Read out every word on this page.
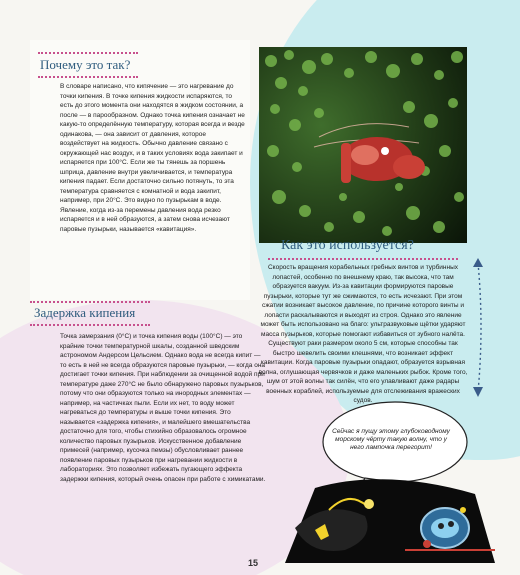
Почему это так?

В словаре написано, что кипячение — это нагревание до точки кипения. В точке кипения жидкости испаряются, то есть до этого момента они находятся в жидком состоянии, а после — в парообразном. Однако точка кипения означает не какую-то определённую температуру, которая всегда и везде одинакова, — она зависит от давления, которое воздействует на жидкость. Обычно давление связано с окружающей нас воздух, и в таких условиях вода закипает и испаряется при 100°С. Если же ты тянешь за поршень шприца, давление внутри увеличивается, и температура кипения падает. Если достаточно сильно потянуть, то эта температура сравняется с комнатной и вода закипит, например, при 20°С. Это видно по пузырькам в воде. Явление, когда из-за перемены давления вода резко испаряется и в ней образуются, а затем снова исчезают паровые пузырьки, называется «кавитация».

Как это используется?

Скорость вращения корабельных гребных винтов и турбинных лопастей, особенно по внешнему краю, так высока, что там образуется вакуум. Из-за кавитации формируются паровые пузырьки, которые тут же сжимаются, то есть исчезают. При этом сжатии возникает высокое давление, по причине которого винты и лопасти раскалываются и выходят из строя. Однако это явление может быть использовано на благо: ультразвуковые щётки ударяют масса пузырьков, которые помогают избавиться от зубного налёта. Существуют раки размером около 5 см, которые способны так быстро шевелить своими клешнями, что возникает эффект кавитации. Когда паровые пузырьки опадают, образуется взрывная волна, оглушающая червячков и даже маленьких рыбок. Кроме того, шум от этой волны так силён, что его улавливают даже радары военных кораблей, используемые для отслеживания вражеских судов.

Задержка кипения

Точка замерзания (0°С) и точка кипения воды (100°С) — это крайние точки температурной шкалы, созданной шведским астрономом Андерсом Цельсием. Однако вода не всегда кипит — то есть в ней не всегда образуются паровые пузырьки, — когда она достигает точки кипения. При наблюдении за очищенной водой при температуре даже 270°С не было обнаружено паровых пузырьков, потому что они образуются только на инородных элементах — например, на частичках пыли. Если их нет, то воду может нагреваться до температуры и выше точки кипения. Это называется «задержка кипения», и малейшего вмешательства достаточно для того, чтобы стихийно образовалось огромное количество паровых пузырьков. Искусственное добавление примесей (например, кусочка пемзы) обусловливает раннее появление паровых пузырьков при нагревании жидкости в лабораториях. Это позволяет избежать пугающего эффекта задержки кипения, который очень опасен при работе с химикатами.

Сейчас я пущу этому глубоководному морскому чёрту такую волну, что у него лампочка перегорит!
15
